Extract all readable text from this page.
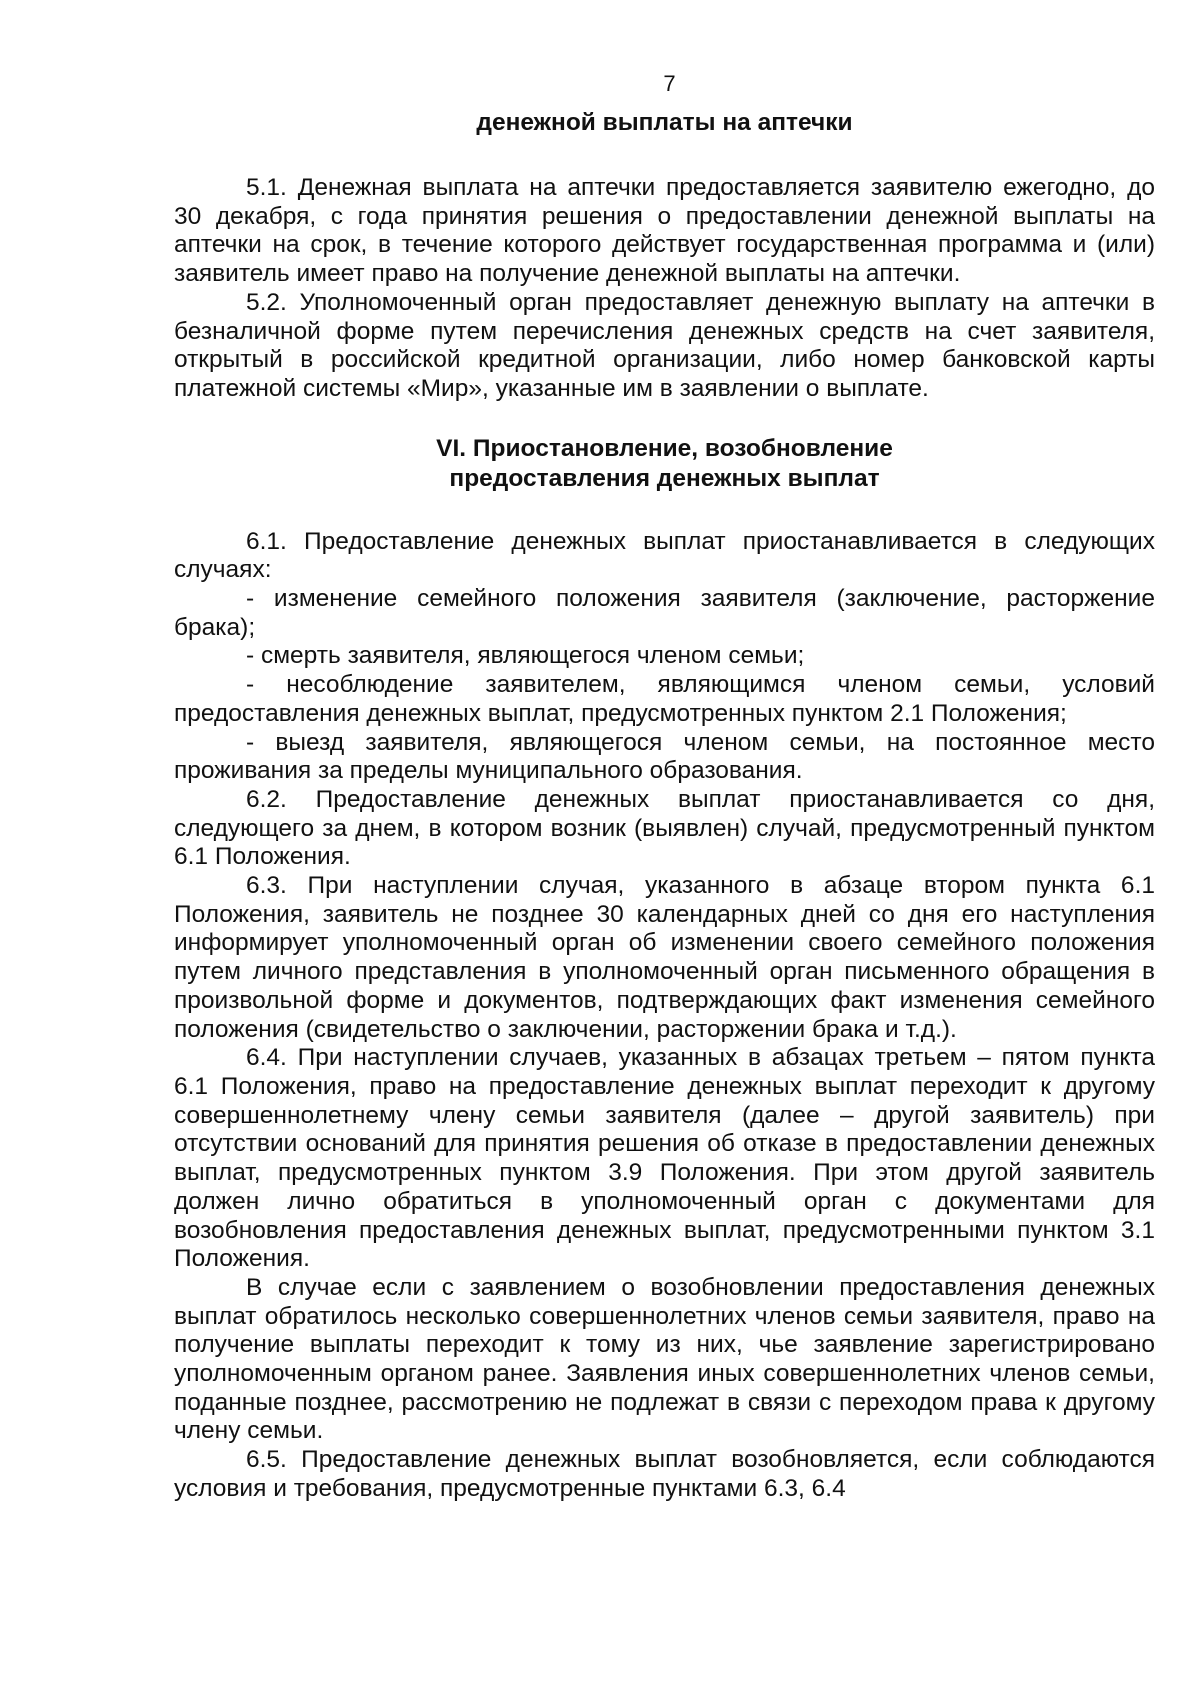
7
денежной выплаты на аптечки

5.1. Денежная выплата на аптечки предоставляется заявителю ежегодно, до 30 декабря, с года принятия решения о предоставлении денежной выплаты на аптечки на срок, в течение которого действует государственная программа и (или) заявитель имеет право на получение денежной выплаты на аптечки.

5.2. Уполномоченный орган предоставляет денежную выплату на аптечки в безналичной форме путем перечисления денежных средств на счет заявителя, открытый в российской кредитной организации, либо номер банковской карты платежной системы «Мир», указанные им в заявлении о выплате.

VI. Приостановление, возобновление
предоставления денежных выплат

6.1. Предоставление денежных выплат приостанавливается в следующих случаях:

- изменение семейного положения заявителя (заключение, расторжение брака);

- смерть заявителя, являющегося членом семьи;

- несоблюдение заявителем, являющимся членом семьи, условий предоставления денежных выплат, предусмотренных пунктом 2.1 Положения;

- выезд заявителя, являющегося членом семьи, на постоянное место проживания за пределы муниципального образования.

6.2. Предоставление денежных выплат приостанавливается со дня, следующего за днем, в котором возник (выявлен) случай, предусмотренный пунктом 6.1 Положения.

6.3. При наступлении случая, указанного в абзаце втором пункта 6.1 Положения, заявитель не позднее 30 календарных дней со дня его наступления информирует уполномоченный орган об изменении своего семейного положения путем личного представления в уполномоченный орган письменного обращения в произвольной форме и документов, подтверждающих факт изменения семейного положения (свидетельство о заключении, расторжении брака и т.д.).

6.4. При наступлении случаев, указанных в абзацах третьем – пятом пункта 6.1 Положения, право на предоставление денежных выплат переходит к другому совершеннолетнему члену семьи заявителя (далее – другой заявитель) при отсутствии оснований для принятия решения об отказе в предоставлении денежных выплат, предусмотренных пунктом 3.9 Положения. При этом другой заявитель должен лично обратиться в уполномоченный орган с документами для возобновления предоставления денежных выплат, предусмотренными пунктом 3.1 Положения.

В случае если с заявлением о возобновлении предоставления денежных выплат обратилось несколько совершеннолетних членов семьи заявителя, право на получение выплаты переходит к тому из них, чье заявление зарегистрировано уполномоченным органом ранее. Заявления иных совершеннолетних членов семьи, поданные позднее, рассмотрению не подлежат в связи с переходом права к другому члену семьи.

6.5. Предоставление денежных выплат возобновляется, если соблюдаются условия и требования, предусмотренные пунктами 6.3, 6.4
